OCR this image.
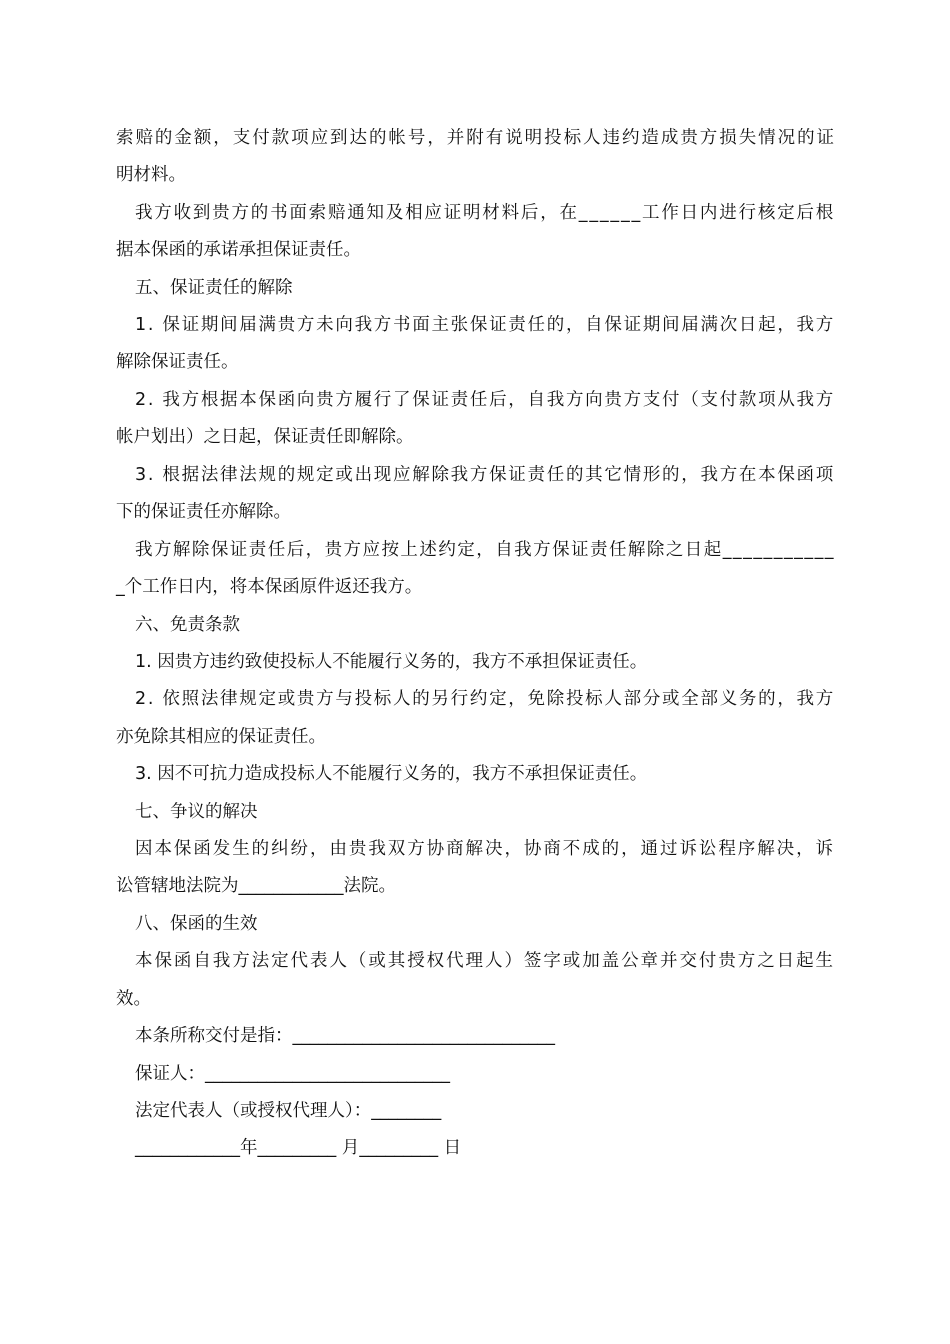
索赔的金额，支付款项应到达的帐号，并附有说明投标人违约造成贵方损失情况的证
明材料。
我方收到贵方的书面索赔通知及相应证明材料后，在______工作日内进行核定后根
据本保函的承诺承担保证责任。
五、保证责任的解除
1. 保证期间届满贵方未向我方书面主张保证责任的，自保证期间届满次日起，我方
解除保证责任。
2. 我方根据本保函向贵方履行了保证责任后，自我方向贵方支付（支付款项从我方
帐户划出）之日起，保证责任即解除。
3. 根据法律法规的规定或出现应解除我方保证责任的其它情形的，我方在本保函项
下的保证责任亦解除。
我方解除保证责任后，贵方应按上述约定，自我方保证责任解除之日起___________
_个工作日内，将本保函原件返还我方。
六、免责条款
1. 因贵方违约致使投标人不能履行义务的，我方不承担保证责任。
2. 依照法律规定或贵方与投标人的另行约定，免除投标人部分或全部义务的，我方
亦免除其相应的保证责任。
3. 因不可抗力造成投标人不能履行义务的，我方不承担保证责任。
七、争议的解决
因本保函发生的纠纷，由贵我双方协商解决，协商不成的，通过诉讼程序解决，诉
讼管辖地法院为____________法院。
八、保函的生效
本保函自我方法定代表人（或其授权代理人）签字或加盖公章并交付贵方之日起生
效。
本条所称交付是指：______________________________
保证人：____________________________
法定代表人（或授权代理人）：________
____________年_________ 月_________ 日
